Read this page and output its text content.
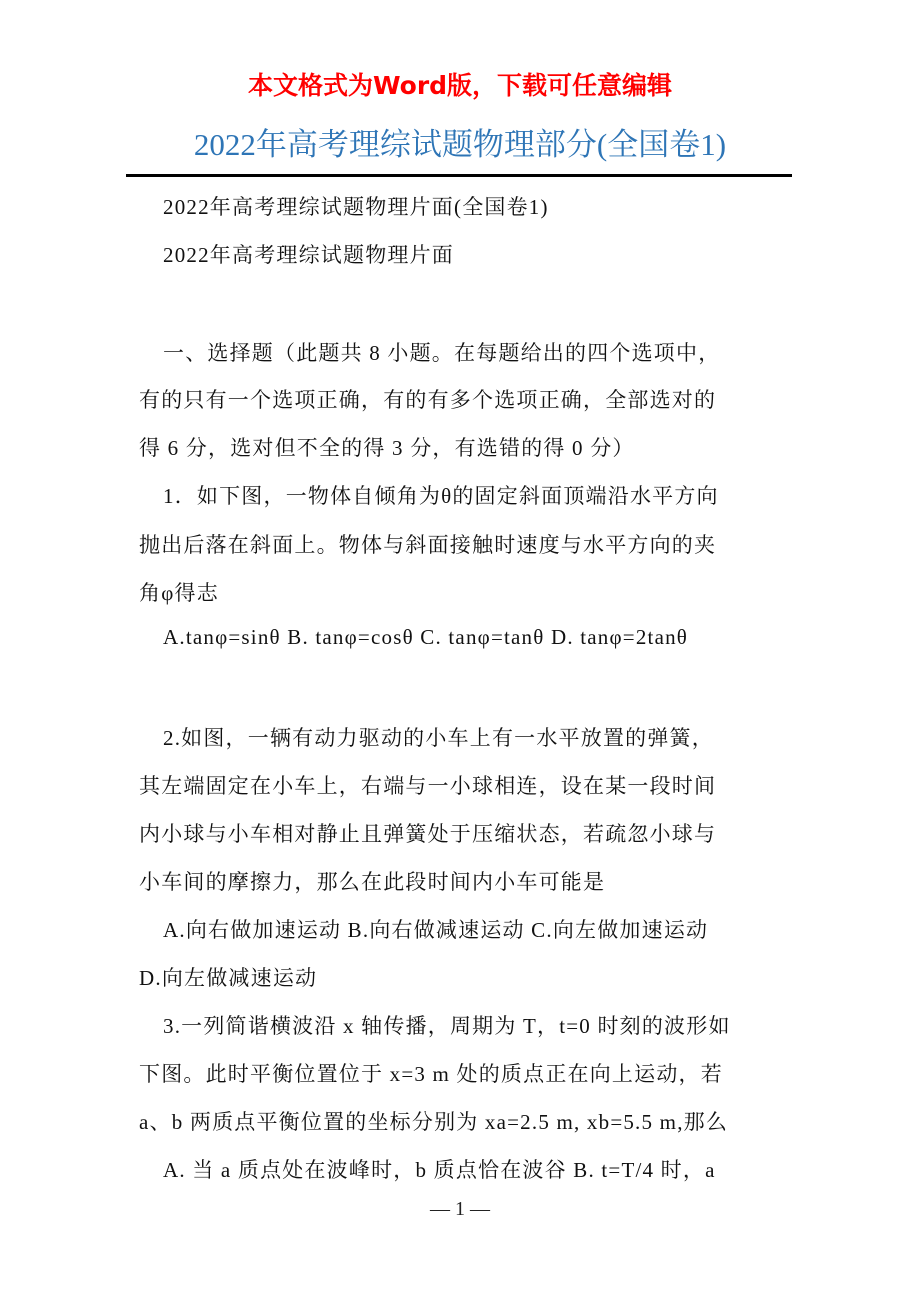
本文格式为Word版，下载可任意编辑
2022年高考理综试题物理部分(全国卷1)
2022年高考理综试题物理片面(全国卷1)
2022年高考理综试题物理片面
一、选择题（此题共 8 小题。在每题给出的四个选项中，
有的只有一个选项正确，有的有多个选项正确，全部选对的
得 6 分，选对但不全的得 3 分，有选错的得 0 分）
1．如下图，一物体自倾角为θ的固定斜面顶端沿水平方向
抛出后落在斜面上。物体与斜面接触时速度与水平方向的夹
角φ得志
A.tanφ=sinθ B. tanφ=cosθ C. tanφ=tanθ D. tanφ=2tanθ
2.如图，一辆有动力驱动的小车上有一水平放置的弹簧，
其左端固定在小车上，右端与一小球相连，设在某一段时间
内小球与小车相对静止且弹簧处于压缩状态，若疏忽小球与
小车间的摩擦力，那么在此段时间内小车可能是
A.向右做加速运动 B.向右做减速运动 C.向左做加速运动
D.向左做减速运动
3.一列简谐横波沿 x 轴传播，周期为 T，t=0 时刻的波形如
下图。此时平衡位置位于 x=3 m 处的质点正在向上运动，若
a、b 两质点平衡位置的坐标分别为 xa=2.5 m, xb=5.5 m,那么
A. 当 a 质点处在波峰时，b 质点恰在波谷 B. t=T/4 时，a
— 1 —
